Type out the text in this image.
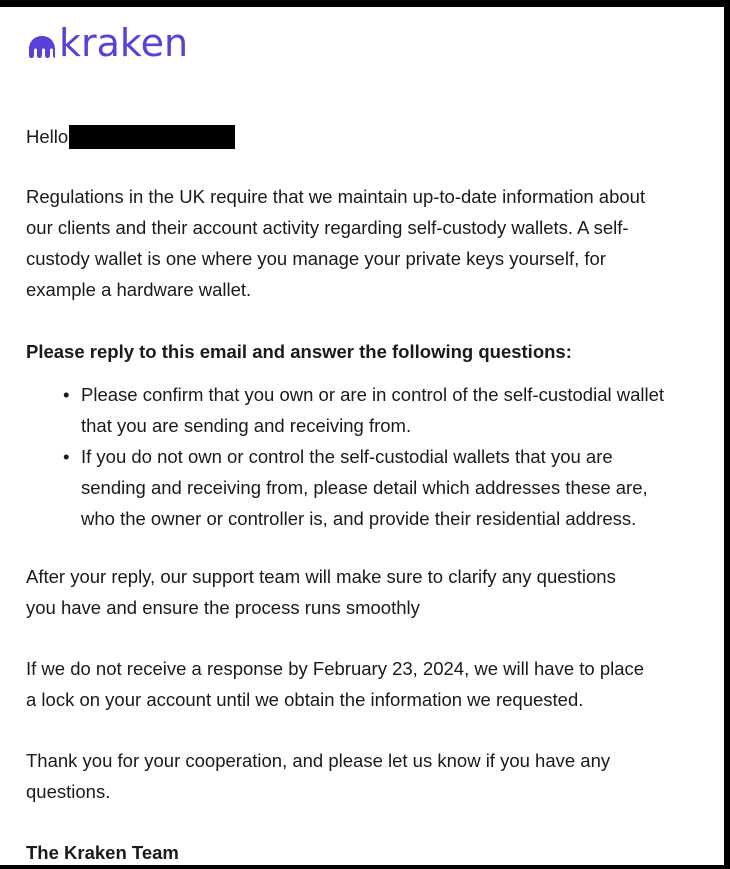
kraken
Hello
Regulations in the UK require that we maintain up-to-date information about
our clients and their account activity regarding self-custody wallets. A self-
custody wallet is one where you manage your private keys yourself, for
example a hardware wallet.
Please reply to this email and answer the following questions:
• Please confirm that you own or are in control of the self-custodial wallet
that you are sending and receiving from.
• If you do not own or control the self-custodial wallets that you are
sending and receiving from, please detail which addresses these are,
who the owner or controller is, and provide their residential address.
After your reply, our support team will make sure to clarify any questions
you have and ensure the process runs smoothly
If we do not receive a response by February 23, 2024, we will have to place
a lock on your account until we obtain the information we requested.
Thank you for your cooperation, and please let us know if you have any
questions.
The Kraken Team
